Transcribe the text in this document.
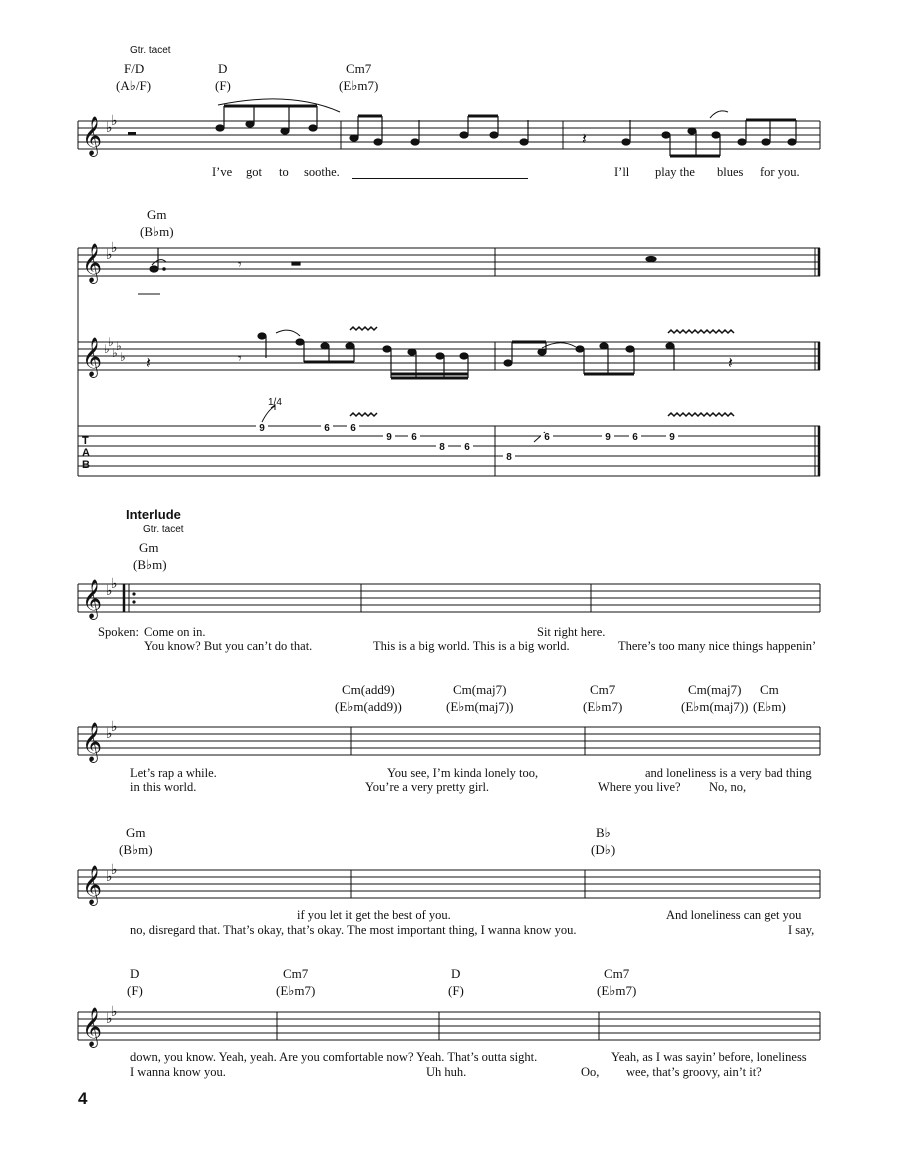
Gtr. tacet
F/D
(A♭/F)
D
(F)
Cm7
(E♭m7)
𝄞 ♭
♭
𝄽
I’ve got to soothe.	I’ll play the blues for you.
Gm
(B♭m)
𝄞 ♭
♭
𝄞 ♭
♭
♭
♭
♭
T
A
B
𝄽	𝄾	𝄽
𝄾
1/4
9	6	6
9	6
8	6
8
6	9	6	9
Interlude
Gtr. tacet
Gm
(B♭m)
𝄞 ♭
♭
Spoken: Come on in.	Sit right here.
You know? But you can’t do that.	This is a big world. This is a big world.	There’s too many nice things happenin’
Cm(add9)
(E♭m(add9))
Cm(maj7)
(E♭m(maj7))
Cm7
(E♭m7)
Cm(maj7)
(E♭m(maj7))
Cm
(E♭m)
𝄞 ♭
♭
Let’s rap a while.	You see, I’m kinda lonely too,	and loneliness is a very bad thing
in this world.	You’re a very pretty girl.	Where you live? No, no,
Gm
(B♭m)
B♭
(D♭)
𝄞 ♭
♭
if you let it get the best of you.	And loneliness can get you
no, disregard that. That’s okay, that’s okay. The most important thing, I wanna know you.	I say,
D
(F)
Cm7
(E♭m7)
D
(F)
Cm7
(E♭m7)
𝄞 ♭
♭
down, you know. Yeah, yeah. Are you comfortable now? Yeah. That’s outta sight.	Yeah, as I was sayin’ before, loneliness
I wanna know you.	Uh huh.	Oo, wee, that’s groovy, ain’t it?
4
